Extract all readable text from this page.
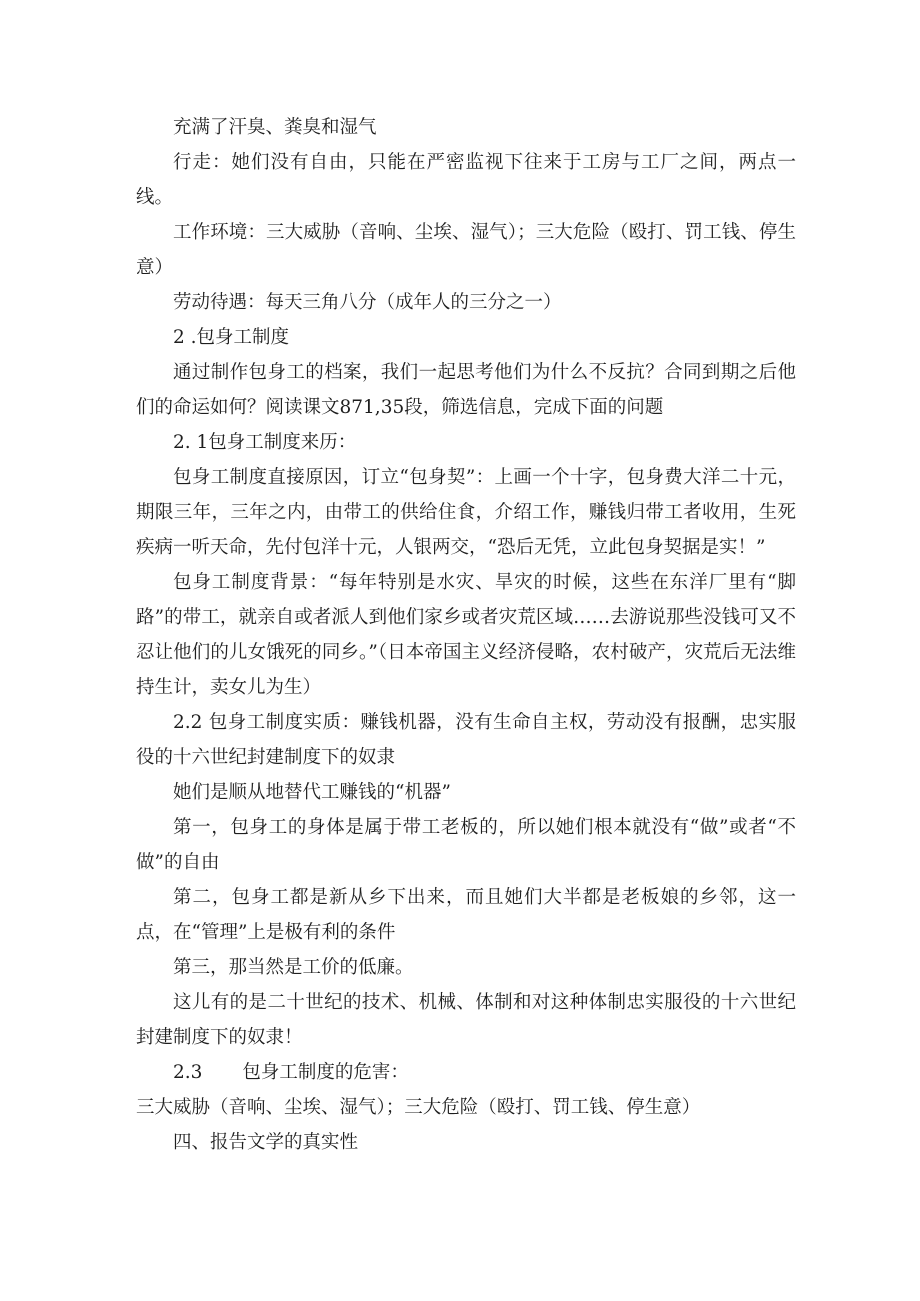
充满了汗臭、粪臭和湿气

行走：她们没有自由，只能在严密监视下往来于工房与工厂之间，两点一线。

工作环境：三大威胁（音响、尘埃、湿气）；三大危险（殴打、罚工钱、停生意）

劳动待遇：每天三角八分（成年人的三分之一）

2 .包身工制度

通过制作包身工的档案，我们一起思考他们为什么不反抗？合同到期之后他们的命运如何？阅读课文871,35段，筛选信息，完成下面的问题

2. 1包身工制度来历：

包身工制度直接原因，订立“包身契”：上画一个十字，包身费大洋二十元，期限三年，三年之内，由带工的供给住食，介绍工作，赚钱归带工者收用，生死疾病一听天命，先付包洋十元，人银两交，“恐后无凭，立此包身契据是实！”

包身工制度背景：“每年特别是水灾、旱灾的时候，这些在东洋厂里有“脚路”的带工，就亲自或者派人到他们家乡或者灾荒区域……去游说那些没钱可又不忍让他们的儿女饿死的同乡。”（日本帝国主义经济侵略，农村破产，灾荒后无法维持生计，卖女儿为生）

2.2 包身工制度实质：赚钱机器，没有生命自主权，劳动没有报酬，忠实服役的十六世纪封建制度下的奴隶

她们是顺从地替代工赚钱的“机器”

第一，包身工的身体是属于带工老板的，所以她们根本就没有“做”或者“不做”的自由

第二，包身工都是新从乡下出来，而且她们大半都是老板娘的乡邻，这一点，在“管理”上是极有利的条件

第三，那当然是工价的低廉。

这儿有的是二十世纪的技术、机械、体制和对这种体制忠实服役的十六世纪封建制度下的奴隶！

2.3 包身工制度的危害：

三大威胁（音响、尘埃、湿气）；三大危险（殴打、罚工钱、停生意）

四、报告文学的真实性
